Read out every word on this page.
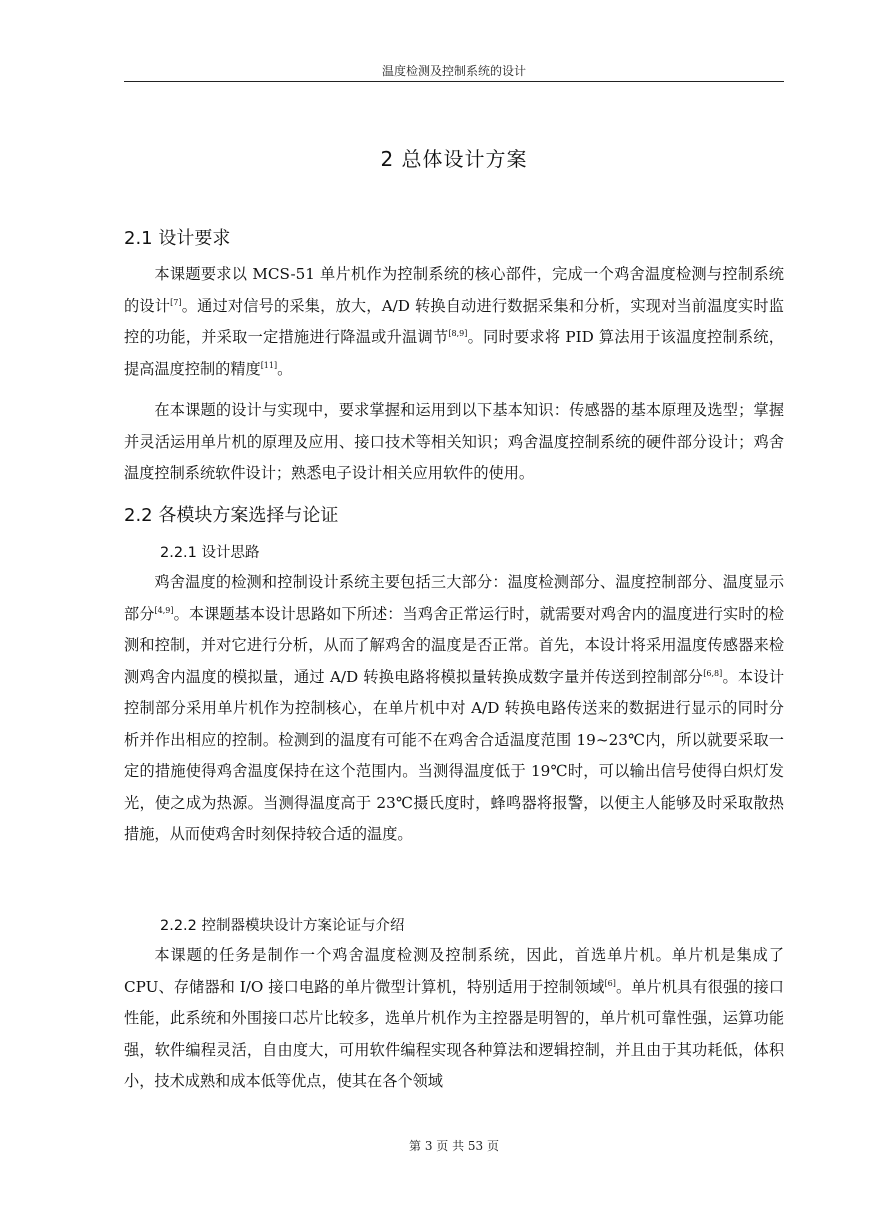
温度检测及控制系统的设计
2 总体设计方案
2.1 设计要求

本课题要求以 MCS-51 单片机作为控制系统的核心部件，完成一个鸡舍温度检测与控制系统的设计[7]。通过对信号的采集，放大，A/D 转换自动进行数据采集和分析，实现对当前温度实时监控的功能，并采取一定措施进行降温或升温调节[8,9]。同时要求将 PID 算法用于该温度控制系统，提高温度控制的精度[11]。

在本课题的设计与实现中，要求掌握和运用到以下基本知识：传感器的基本原理及选型；掌握并灵活运用单片机的原理及应用、接口技术等相关知识；鸡舍温度控制系统的硬件部分设计；鸡舍温度控制系统软件设计；熟悉电子设计相关应用软件的使用。

2.2 各模块方案选择与论证
2.2.1 设计思路

鸡舍温度的检测和控制设计系统主要包括三大部分：温度检测部分、温度控制部分、温度显示部分[4,9]。本课题基本设计思路如下所述：当鸡舍正常运行时，就需要对鸡舍内的温度进行实时的检测和控制，并对它进行分析，从而了解鸡舍的温度是否正常。首先，本设计将采用温度传感器来检测鸡舍内温度的模拟量，通过 A/D 转换电路将模拟量转换成数字量并传送到控制部分[6,8]。本设计控制部分采用单片机作为控制核心，在单片机中对 A/D 转换电路传送来的数据进行显示的同时分析并作出相应的控制。检测到的温度有可能不在鸡舍合适温度范围 19~23℃内，所以就要采取一定的措施使得鸡舍温度保持在这个范围内。当测得温度低于 19℃时，可以输出信号使得白炽灯发光，使之成为热源。当测得温度高于 23℃摄氏度时，蜂鸣器将报警，以便主人能够及时采取散热措施，从而使鸡舍时刻保持较合适的温度。

2.2.2 控制器模块设计方案论证与介绍

本课题的任务是制作一个鸡舍温度检测及控制系统，因此，首选单片机。单片机是集成了 CPU、存储器和 I/O 接口电路的单片微型计算机，特别适用于控制领域[6]。单片机具有很强的接口性能，此系统和外围接口芯片比较多，选单片机作为主控器是明智的，单片机可靠性强，运算功能强，软件编程灵活，自由度大，可用软件编程实现各种算法和逻辑控制，并且由于其功耗低，体积小，技术成熟和成本低等优点，使其在各个领域

第 3 页 共 53 页
